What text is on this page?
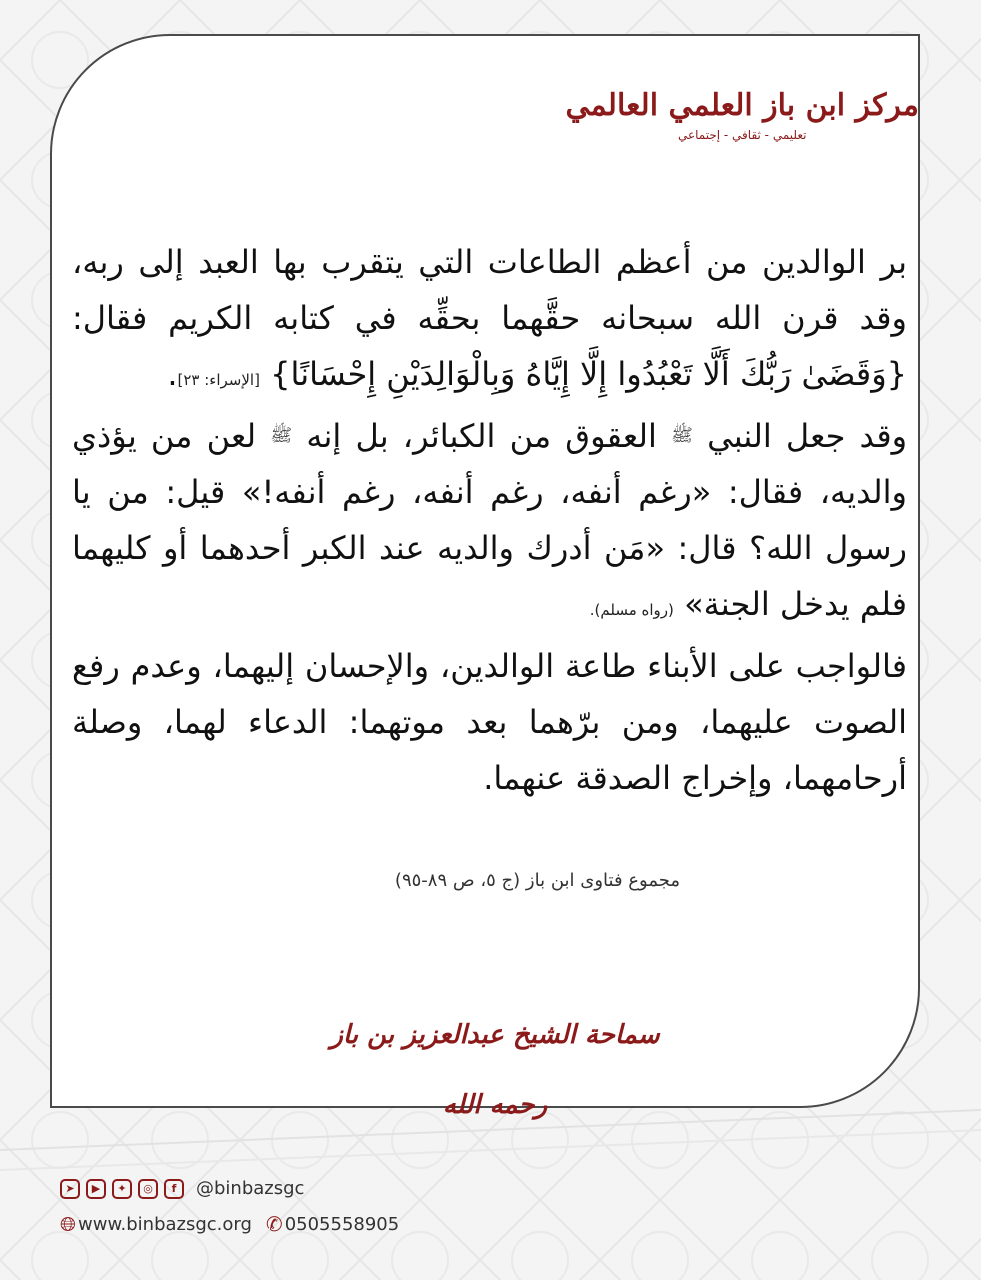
مركز ابن باز العلمي العالمي
تعليمي - ثقافي - إجتماعي

بر الوالدين من أعظم الطاعات التي يتقرب بها العبد إلى ربه، وقد قرن الله سبحانه حقَّهما بحقِّه في كتابه الكريم فقال: {وَقَضَىٰ رَبُّكَ أَلَّا تَعْبُدُوا إِلَّا إِيَّاهُ وَبِالْوَالِدَيْنِ إِحْسَانًا} [الإسراء: ٢٣].

وقد جعل النبي ﷺ العقوق من الكبائر، بل إنه ﷺ لعن من يؤذي والديه، فقال: «رغم أنفه، رغم أنفه، رغم أنفه!» قيل: من يا رسول الله؟ قال: «مَن أدرك والديه عند الكبر أحدهما أو كليهما فلم يدخل الجنة» (رواه مسلم).

فالواجب على الأبناء طاعة الوالدين، والإحسان إليهما، وعدم رفع الصوت عليهما، ومن برّهما بعد موتهما: الدعاء لهما، وصلة أرحامهما، وإخراج الصدقة عنهما.

مجموع فتاوى ابن باز (ج ٥، ص ٨٩-٩٥)
سماحة الشيخ عبدالعزيز بن باز رحمه الله
➤	▶	✦	◎	f	@binbazsgc
🌐︎ www.binbazsgc.org ✆ 0505558905
